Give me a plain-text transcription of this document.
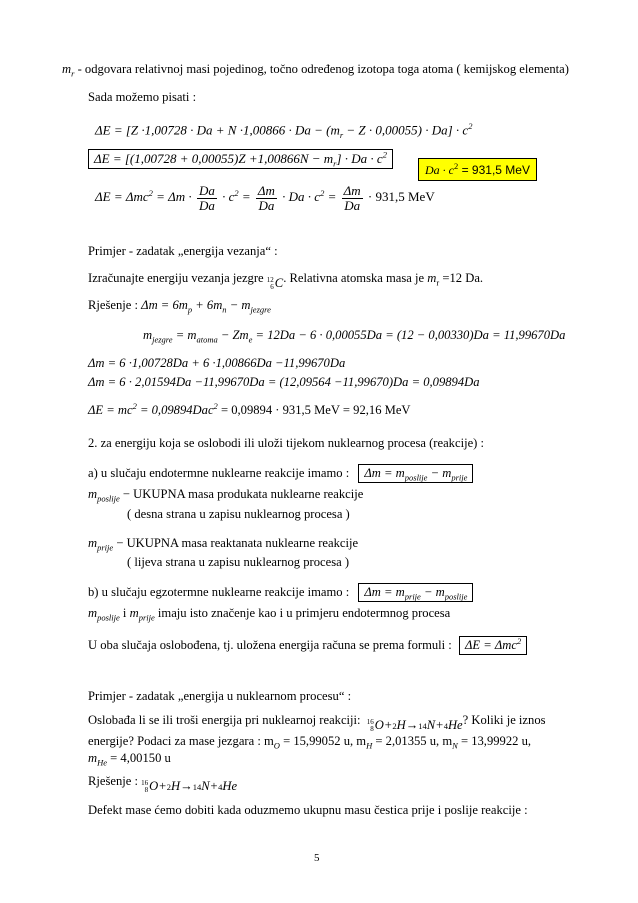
$m_r$ - odgovara relativnoj masi pojedinog, točno određenog izotopa toga atoma ( kemijskog elementa)
Sada možemo pisati :
$\Delta E = [Z \cdot 1,00728 \cdot Da + N \cdot 1,00866 \cdot Da - (m_r - Z \cdot 0,00055) \cdot Da] \cdot c^2$
$\Delta E = [(1,00728 + 0,00055)Z +1,00866N - m_r] \cdot Da \cdot c^2$
$Da \cdot c^2 = 931,5$ MeV
$\Delta E = \Delta mc^2 = \Delta m \cdot \frac{Da}{Da} \cdot c^2 = \frac{\Delta m}{Da} \cdot Da \cdot c^2 = \frac{\Delta m}{Da} \cdot 931,5$ MeV
Primjer - zadatak „energija vezanja“ :
Izračunajte energiju vezanja jezgre 12
6 C . Relativna atomska masa je $m_r =12$ Da.
Rješenje : $\Delta m = 6m_p + 6m_n - m_{jezgre}$
$m_{jezgre} = m_{atoma} - Zm_e = 12Da - 6 \cdot 0,00055Da = (12 - 0,00330)Da = 11,99670Da$
Δm = 6 ·1,00728Da + 6 ·1,00866Da −11,99670Da
Δm = 6 · 2,01594Da −11,99670Da = (12,09564 −11,99670)Da = 0,09894Da
$\Delta E = mc^2 = 0,09894Dac^2 = 0,09894 \cdot 931,5$ MeV = 92,16 MeV
2. za energiju koja se oslobodi ili uloži tijekom nuklearnog procesa (reakcije) :
a) u slučaju endotermne nuklearne reakcije imamo : $\Delta m = m_{poslije} - m_{prije}$
$m_{poslije}$ − UKUPNA masa produkata nuklearne reakcije
( desna strana u zapisu nuklearnog procesa )
$m_{prije}$ − UKUPNA masa reaktanata nuklearne reakcije
( lijeva strana u zapisu nuklearnog procesa )
b) u slučaju egzotermne nuklearne reakcije imamo : $\Delta m = m_{prije} - m_{poslije}$
$m_{poslije}$ i $m_{prije}$ imaju isto značenje kao i u primjeru endotermnog procesa
U oba slučaja oslobođena, tj. uložena energija računa se prema formuli : ΔE = Δmc$^2$
Primjer - zadatak „energija u nuklearnom procesu“ :
Oslobađa li se ili troši energija pri nuklearnoj reakciji: 16
8 O + 2 H → 14 N + 4 He ? Koliki je iznos
energije? Podaci za mase jezgara : $m_O = 15,99052$ u, $m_H = 2,01355$ u, $m_N = 13,99922$ u,
$m_{He} = 4,00150$ u
Rješenje : 16
8 O + 2 H → 14 N + 4 He
Defekt mase ćemo dobiti kada oduzmemo ukupnu masu čestica prije i poslije reakcije :
5
